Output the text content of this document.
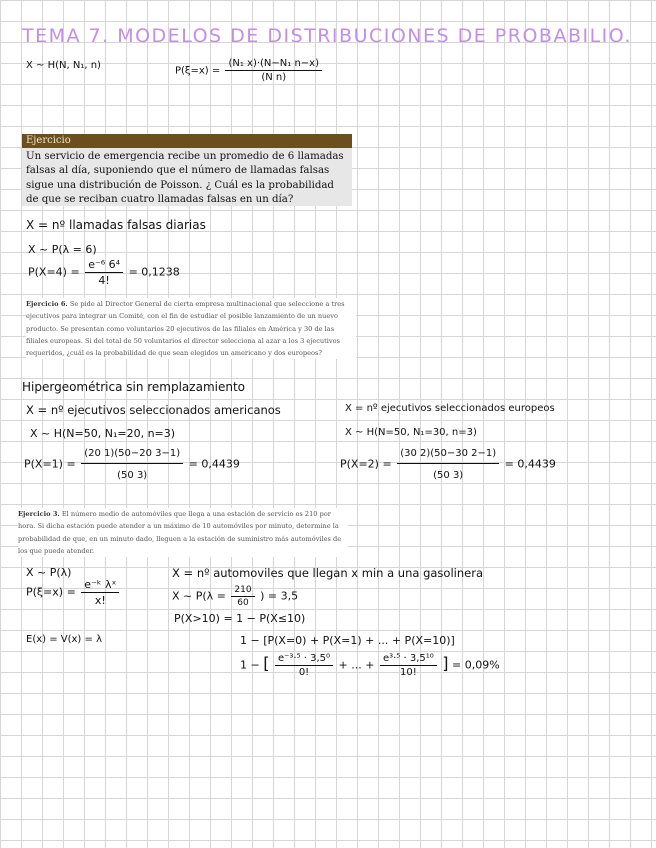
TEMA 7. MODELOS DE DISTRIBUCIONES DE PROBABILIO.
X ~ H(N, N₁, n)	$P(\xi=x) = \frac{\text{(N₁ x)·(N−N₁ n−x)}}{\text{(N n)}}$
Ejercicio
Un servicio de emergencia recibe un promedio de 6 llamadas falsas al día, suponiendo que el número de llamadas falsas sigue una distribución de Poisson. ¿ Cuál es la probabilidad de que se reciban cuatro llamadas falsas en un día?
X = nº llamadas falsas diarias
X ~ P(λ = 6)
$P(X=4) = \frac{\text{e⁻⁶ 6⁴}}{4!} = 0,1238$
Ejercicio 6. Se pide al Director General de cierta empresa multinacional que seleccione a tres ejecutivos para integrar un Comité, con el fin de estudiar el posible lanzamiento de un nuevo producto. Se presentan como voluntarios 20 ejecutivos de las filiales en América y 30 de las filiales europeas. Si del total de 50 voluntarios el director selecciona al azar a los 3 ejecutivos requeridos, ¿cuál es la probabilidad de que sean elegidos un americano y dos europeos?
Hipergeométrica sin remplazamiento
X = nº ejecutivos seleccionados americanos
X ~ H(N=50, N₁=20, n=3)
$P(X=1) = \frac{(20 1)(50-20 3-1)}{(50 3)} = 0,4439$
X = nº ejecutivos seleccionados europeos
X ~ H(N=50, N₁=30, n=3)
$P(X=2) = \frac{(30 2)(50-30 2-1)}{(50 3)} = 0,4439$
Ejercicio 3. El número medio de automóviles que llega a una estación de servicio es 210 por hora. Si dicha estación puede atender a un máximo de 10 automóviles por minuto, determine la probabilidad de que, en un minuto dado, lleguen a la estación de suministro más automóviles de los que puede atender.
X ~ P(λ)
$P(\xi=x) = \frac{\text{e⁻ᵏ λˣ}}{x!}$
E(x) = V(x) = λ
X = nº automoviles que llegan x min a una gasolinera
X ~ $P(\lambda = \frac{210}{60}$ ) = 3,5
P(X>10) = 1 − P(X≤10)
1 − [P(X=0) + P(X=1) + ... + P(X=10)]
1 − [ $\frac{\text{e⁻³·⁵ · 3,5⁰}}{0!}$ + ... + $\frac{\text{e³·⁵ · 3,5¹⁰}}{10!}$ ] = 0,09%
